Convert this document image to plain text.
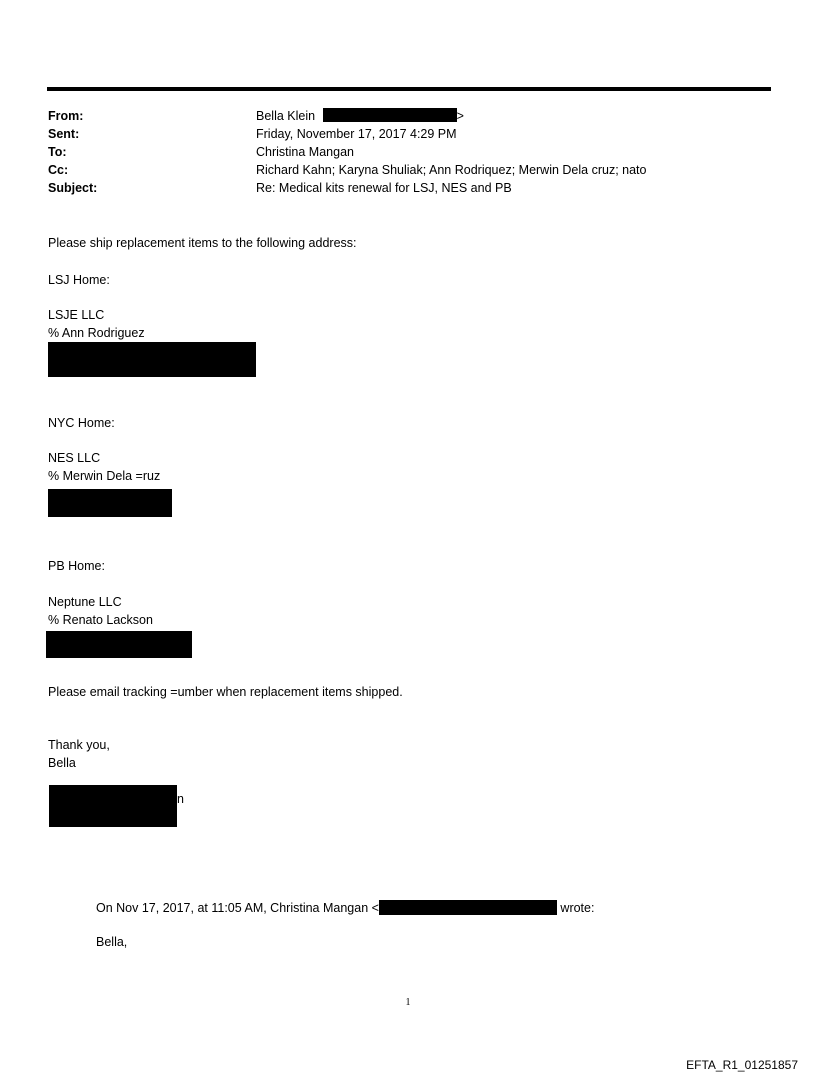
From:	Bella Klein	>
Sent:	Friday, November 17, 2017 4:29 PM
To:	Christina Mangan
Cc:	Richard Kahn; Karyna Shuliak; Ann Rodriquez; Merwin Dela cruz; nato
Subject:	Re: Medical kits renewal for LSJ, NES and PB
Please ship replacement items to the following address:
LSJ Home:
LSJE LLC
% Ann Rodriguez
NYC Home:
NES LLC
% Merwin Dela =ruz
PB Home:
Neptune LLC
% Renato Lackson
Please email tracking =umber when replacement items shipped.
Thank you,
Bella
n
On Nov 17, 2017, at 11:05 AM, Christina Mangan <	wrote:
Bella,
1
EFTA_R1_01251857
